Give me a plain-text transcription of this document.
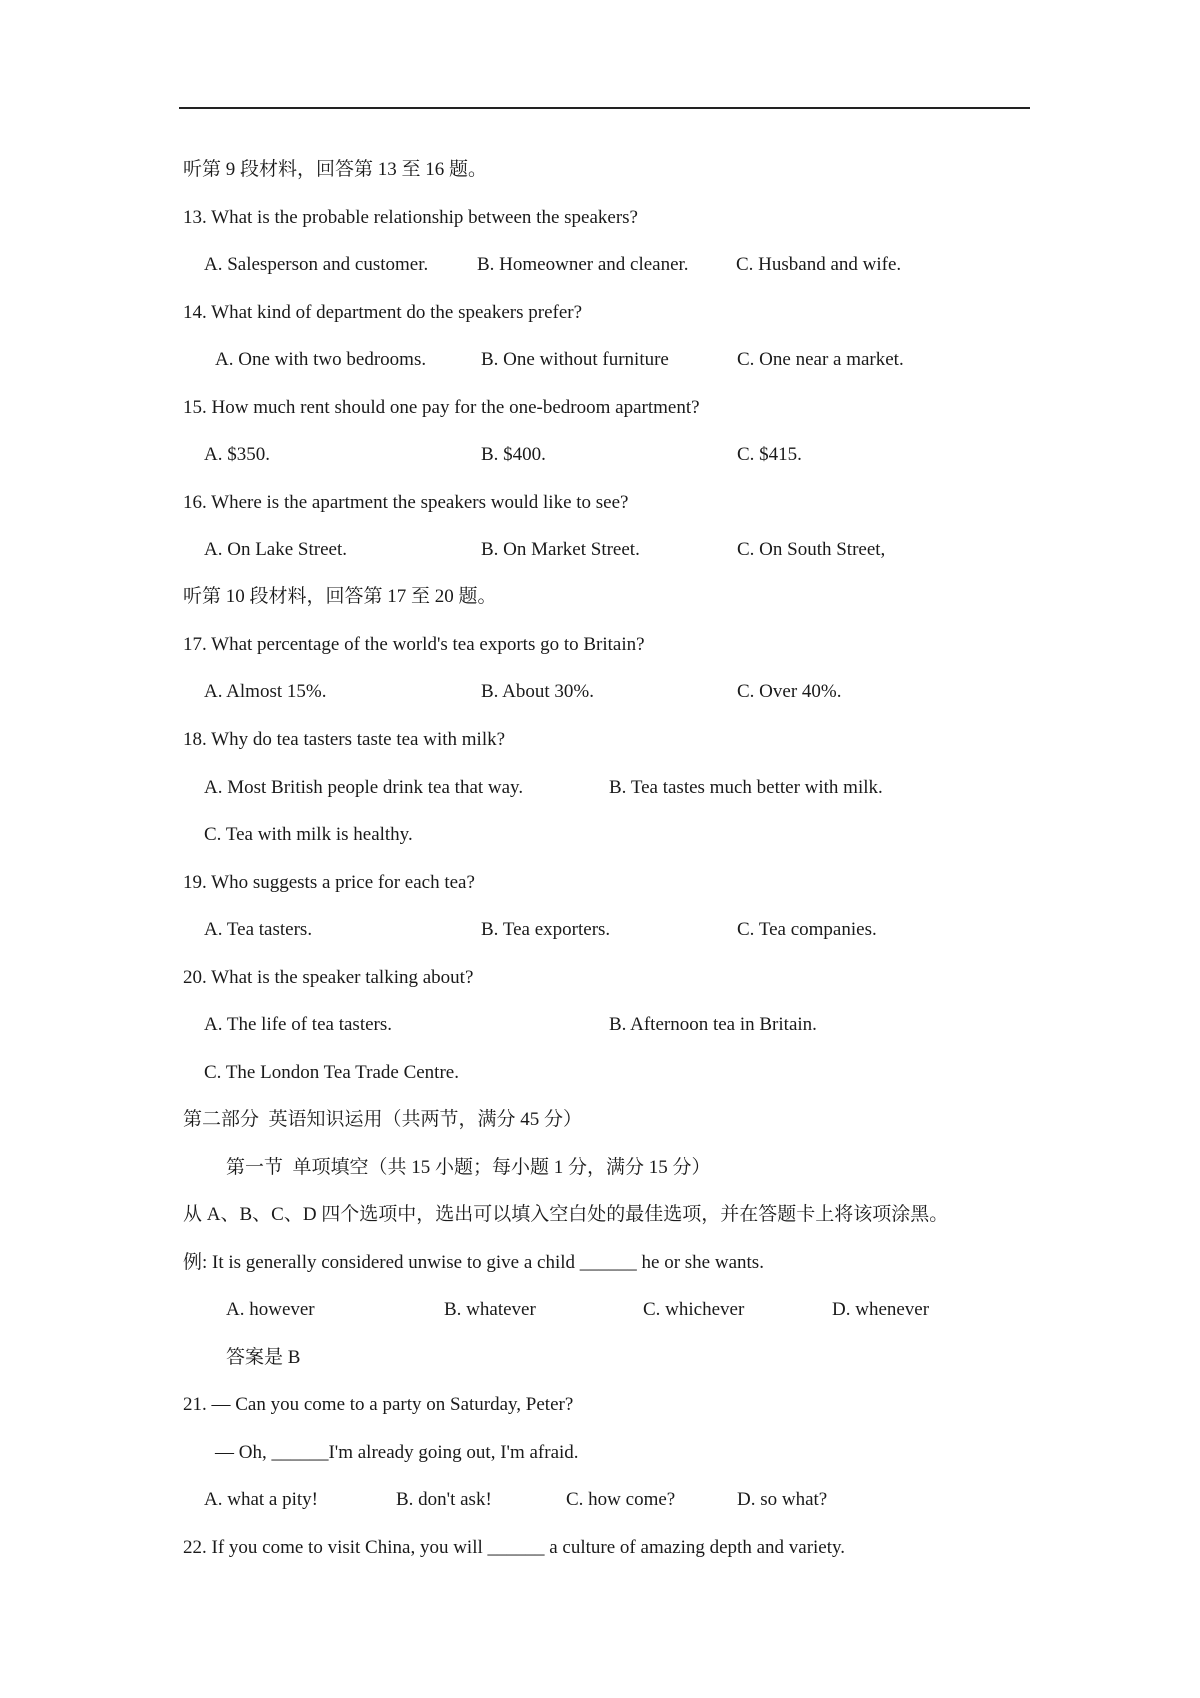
听第 9 段材料，回答第 13 至 16 题。
13. What is the probable relationship between the speakers?
A. Salesperson and customer.	B. Homeowner and cleaner. C. Husband and wife.
14. What kind of department do the speakers prefer?
A. One with two bedrooms.	B. One without furniture	C. One near a market.
15. How much rent should one pay for the one-bedroom apartment?
A. $350.	B. $400.	C. $415.
16. Where is the apartment the speakers would like to see?
A. On Lake Street.	B. On Market Street.	C. On South Street,
听第 10 段材料，回答第 17 至 20 题。
17. What percentage of the world's tea exports go to Britain?
A. Almost 15%.	B. About 30%.	C. Over 40%.
18. Why do tea tasters taste tea with milk?
A. Most British people drink tea that way.	B. Tea tastes much better with milk.
C. Tea with milk is healthy.
19. Who suggests a price for each tea?
A. Tea tasters.	B. Tea exporters.	C. Tea companies.
20. What is the speaker talking about?
A. The life of tea tasters.	B. Afternoon tea in Britain.
C. The London Tea Trade Centre.
第二部分  英语知识运用（共两节，满分 45 分）
第一节  单项填空（共 15 小题；每小题 1 分，满分 15 分）
从 A、B、C、D 四个选项中，选出可以填入空白处的最佳选项，并在答题卡上将该项涂黑。
例: It is generally considered unwise to give a child ______ he or she wants.
A. however	B. whatever	C. whichever	D. whenever
答案是 B
21. — Can you come to a party on Saturday, Peter?
— Oh, ______I'm already going out, I'm afraid.
A. what a pity!	B. don't ask!	C. how come?	D. so what?
22. If you come to visit China, you will ______ a culture of amazing depth and variety.
